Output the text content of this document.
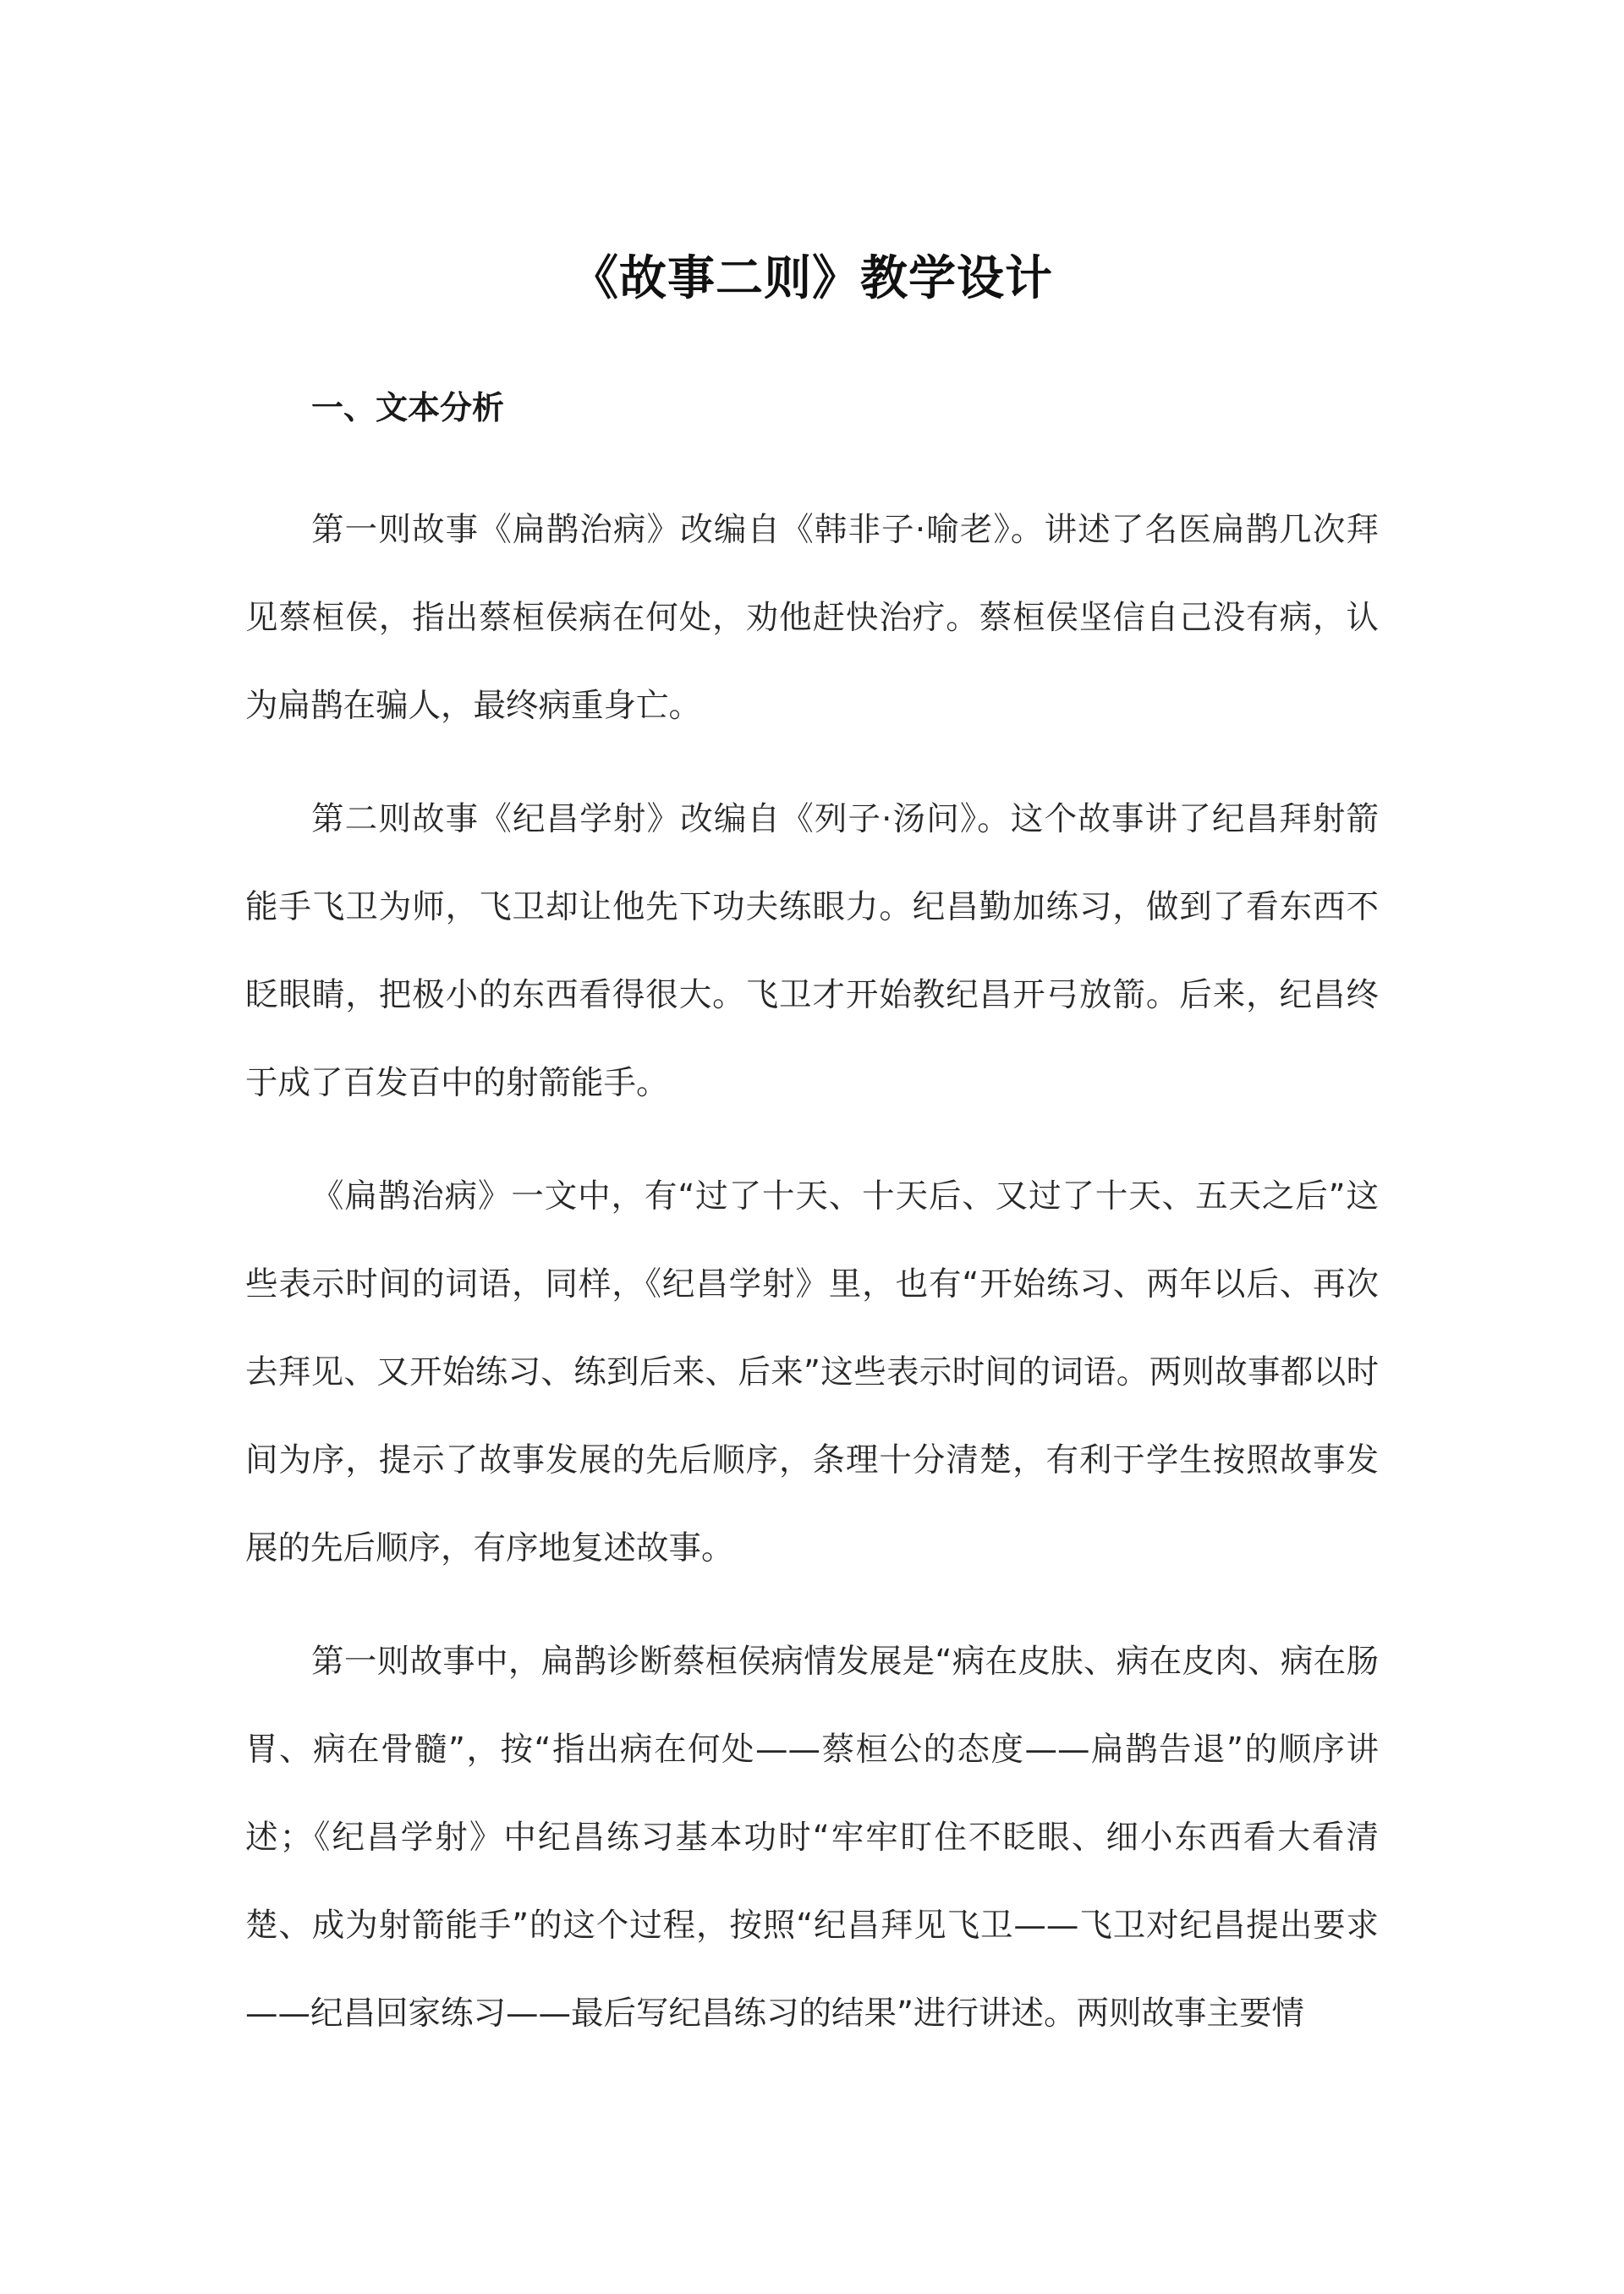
《故事二则》教学设计
一、文本分析

第一则故事《扁鹊治病》改编自《韩非子·喻老》。讲述了名医扁鹊几次拜见蔡桓侯，指出蔡桓侯病在何处，劝他赶快治疗。蔡桓侯坚信自己没有病，认为扁鹊在骗人，最终病重身亡。

第二则故事《纪昌学射》改编自《列子·汤问》。这个故事讲了纪昌拜射箭能手飞卫为师，飞卫却让他先下功夫练眼力。纪昌勤加练习，做到了看东西不眨眼睛，把极小的东西看得很大。飞卫才开始教纪昌开弓放箭。后来，纪昌终于成了百发百中的射箭能手。

《扁鹊治病》一文中，有“过了十天、十天后、又过了十天、五天之后”这些表示时间的词语，同样，《纪昌学射》里，也有“开始练习、两年以后、再次去拜见、又开始练习、练到后来、后来”这些表示时间的词语。两则故事都以时间为序，提示了故事发展的先后顺序，条理十分清楚，有利于学生按照故事发展的先后顺序，有序地复述故事。

第一则故事中，扁鹊诊断蔡桓侯病情发展是“病在皮肤、病在皮肉、病在肠胃、病在骨髓”，按“指出病在何处——蔡桓公的态度——扁鹊告退”的顺序讲述；《纪昌学射》中纪昌练习基本功时“牢牢盯住不眨眼、细小东西看大看清楚、成为射箭能手”的这个过程，按照“纪昌拜见飞卫——飞卫对纪昌提出要求——纪昌回家练习——最后写纪昌练习的结果”进行讲述。两则故事主要情
